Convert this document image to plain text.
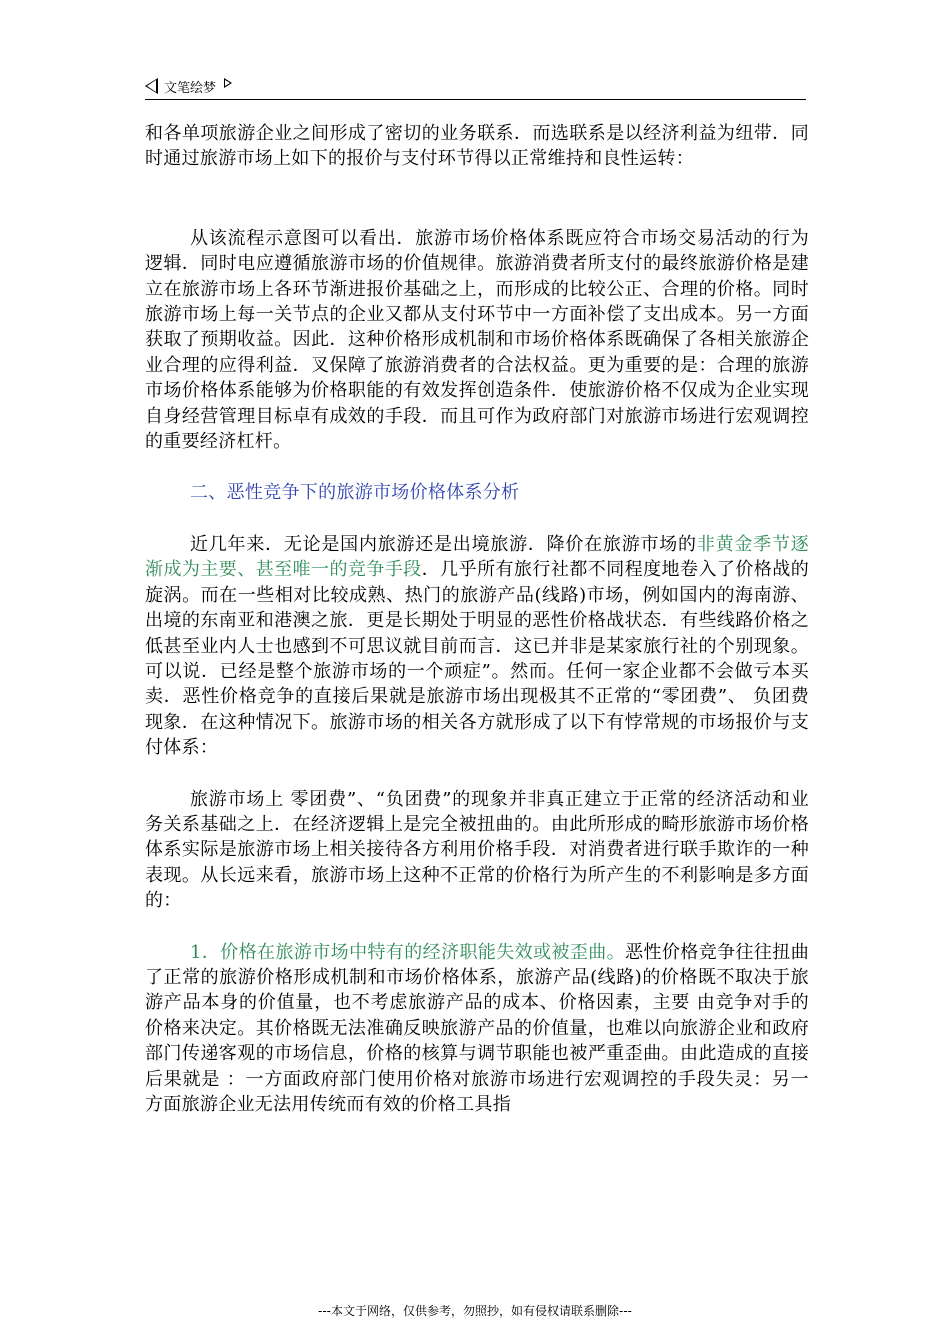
文笔绘梦

和各单项旅游企业之间形成了密切的业务联系．而选联系是以经济利益为纽带．同时通过旅游市场上如下的报价与支付环节得以正常维持和良性运转：

从该流程示意图可以看出．旅游市场价格体系既应符合市场交易活动的行为逻辑．同时电应遵循旅游市场的价值规律。旅游消费者所支付的最终旅游价格是建立在旅游市场上各环节渐进报价基础之上，而形成的比较公正、合理的价格。同时旅游市场上每一关节点的企业又都从支付环节中一方面补偿了支出成本。另一方面获取了预期收益。因此．这种价格形成机制和市场价格体系既确保了各相关旅游企业合理的应得利益．叉保障了旅游消费者的合法权益。更为重要的是：合理的旅游市场价格体系能够为价格职能的有效发挥创造条件．使旅游价格不仅成为企业实现自身经营管理目标卓有成效的手段．而且可作为政府部门对旅游市场进行宏观调控的重要经济杠杆。

二、恶性竞争下的旅游市场价格体系分析

近几年来．无论是国内旅游还是出境旅游．降价在旅游市场的非黄金季节逐渐成为主要、甚至唯一的竞争手段．几乎所有旅行社都不同程度地卷入了价格战的旋涡。而在一些相对比较成熟、热门的旅游产品(线路)市场，例如国内的海南游、出境的东南亚和港澳之旅．更是长期处于明显的恶性价格战状态．有些线路价格之低甚至业内人士也感到不可思议就目前而言．这已并非是某家旅行社的个别现象。可以说．已经是整个旅游市场的一个顽症”。然而。任何一家企业都不会做亏本买卖．恶性价格竞争的直接后果就是旅游市场出现极其不正常的“零团费”、 负团费现象．在这种情况下。旅游市场的相关各方就形成了以下有悖常规的市场报价与支付体系：

旅游市场上 零团费”、“负团费”的现象并非真正建立于正常的经济活动和业务关系基础之上．在经济逻辑上是完全被扭曲的。由此所形成的畸形旅游市场价格体系实际是旅游市场上相关接待各方利用价格手段．对消费者进行联手欺诈的一种表现。从长远来看，旅游市场上这种不正常的价格行为所产生的不利影响是多方面的：

1．价格在旅游市场中特有的经济职能失效或被歪曲。恶性价格竞争往往扭曲了正常的旅游价格形成机制和市场价格体系，旅游产品(线路)的价格既不取决于旅游产品本身的价值量，也不考虑旅游产品的成本、价格因素，主要 由竞争对手的价格来决定。其价格既无法准确反映旅游产品的价值量，也难以向旅游企业和政府部门传递客观的市场信息，价格的核算与调节职能也被严重歪曲。由此造成的直接后果就是 ：一方面政府部门使用价格对旅游市场进行宏观调控的手段失灵：另一方面旅游企业无法用传统而有效的价格工具指

---本文于网络，仅供参考，勿照抄，如有侵权请联系删除---
